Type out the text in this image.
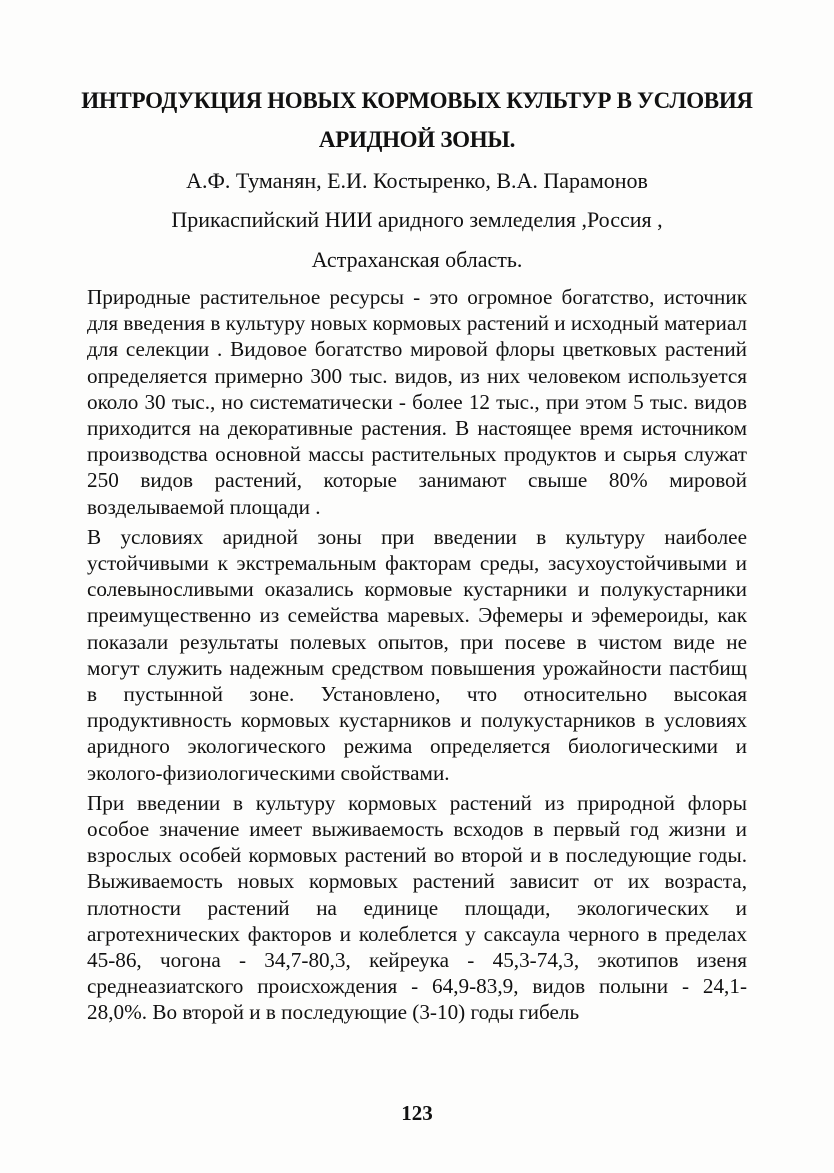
ИНТРОДУКЦИЯ НОВЫХ КОРМОВЫХ КУЛЬТУР В УСЛОВИЯ
АРИДНОЙ ЗОНЫ.

А.Ф. Туманян, Е.И. Костыренко, В.А. Парамонов

Прикаспийский НИИ аридного земледелия ,Россия ,

Астраханская область.

Природные растительное ресурсы - это огромное богатство, источник для введения в культуру новых кормовых растений и исходный материал для селекции . Видовое богатство мировой флоры цветковых растений определяется примерно 300 тыс. видов, из них человеком используется около 30 тыс., но систематически - более 12 тыс., при этом 5 тыс. видов приходится на декоративные растения. В настоящее время источником производства основной массы растительных продуктов и сырья служат 250 видов растений, которые занимают свыше 80% мировой возделываемой площади .

В условиях аридной зоны при введении в культуру наиболее устойчивыми к экстремальным факторам среды, засухоустойчивыми и солевыносливыми оказались кормовые кустарники и полукустарники преимущественно из семейства маревых. Эфемеры и эфемероиды, как показали результаты полевых опытов, при посеве в чистом виде не могут служить надежным средством повышения урожайности пастбищ в пустынной зоне. Установлено, что относительно высокая продуктивность кормовых кустарников и полукустарников в условиях аридного экологического режима определяется биологическими и эколого-физиологическими свойствами.

При введении в культуру кормовых растений из природной флоры особое значение имеет выживаемость всходов в первый год жизни и взрослых особей кормовых растений во второй и в последующие годы. Выживаемость новых кормовых растений зависит от их возраста, плотности растений на единице площади, экологических и агротехнических факторов и колеблется у саксаула черного в пределах 45-86, чогона - 34,7-80,3, кейреука - 45,3-74,3, экотипов изеня среднеазиатского происхождения - 64,9-83,9, видов полыни - 24,1-28,0%. Во второй и в последующие (3-10) годы гибель

123
